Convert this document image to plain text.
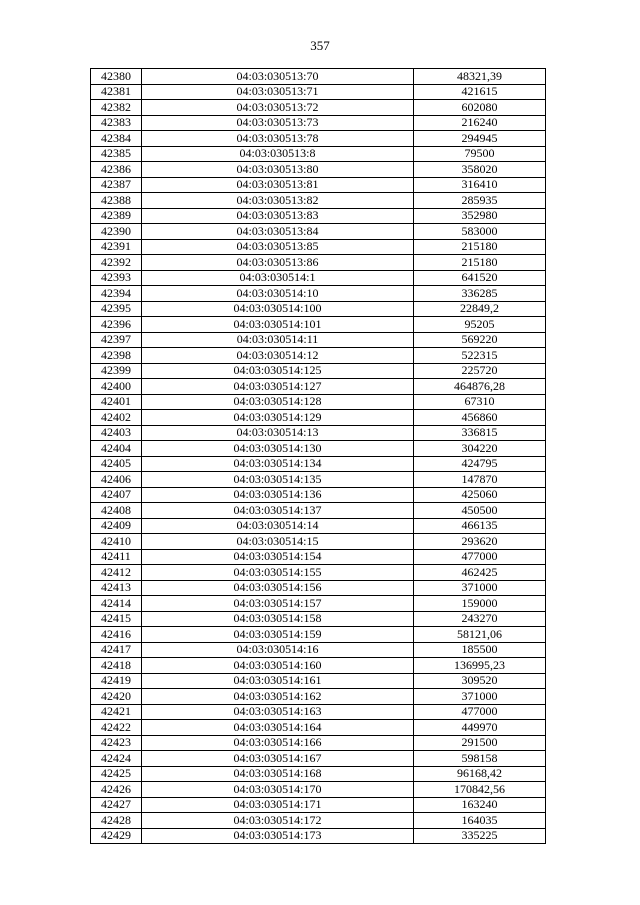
357
42380	04:03:030513:70	48321,39
42381	04:03:030513:71	421615
42382	04:03:030513:72	602080
42383	04:03:030513:73	216240
42384	04:03:030513:78	294945
42385	04:03:030513:8	79500
42386	04:03:030513:80	358020
42387	04:03:030513:81	316410
42388	04:03:030513:82	285935
42389	04:03:030513:83	352980
42390	04:03:030513:84	583000
42391	04:03:030513:85	215180
42392	04:03:030513:86	215180
42393	04:03:030514:1	641520
42394	04:03:030514:10	336285
42395	04:03:030514:100	22849,2
42396	04:03:030514:101	95205
42397	04:03:030514:11	569220
42398	04:03:030514:12	522315
42399	04:03:030514:125	225720
42400	04:03:030514:127	464876,28
42401	04:03:030514:128	67310
42402	04:03:030514:129	456860
42403	04:03:030514:13	336815
42404	04:03:030514:130	304220
42405	04:03:030514:134	424795
42406	04:03:030514:135	147870
42407	04:03:030514:136	425060
42408	04:03:030514:137	450500
42409	04:03:030514:14	466135
42410	04:03:030514:15	293620
42411	04:03:030514:154	477000
42412	04:03:030514:155	462425
42413	04:03:030514:156	371000
42414	04:03:030514:157	159000
42415	04:03:030514:158	243270
42416	04:03:030514:159	58121,06
42417	04:03:030514:16	185500
42418	04:03:030514:160	136995,23
42419	04:03:030514:161	309520
42420	04:03:030514:162	371000
42421	04:03:030514:163	477000
42422	04:03:030514:164	449970
42423	04:03:030514:166	291500
42424	04:03:030514:167	598158
42425	04:03:030514:168	96168,42
42426	04:03:030514:170	170842,56
42427	04:03:030514:171	163240
42428	04:03:030514:172	164035
42429	04:03:030514:173	335225
